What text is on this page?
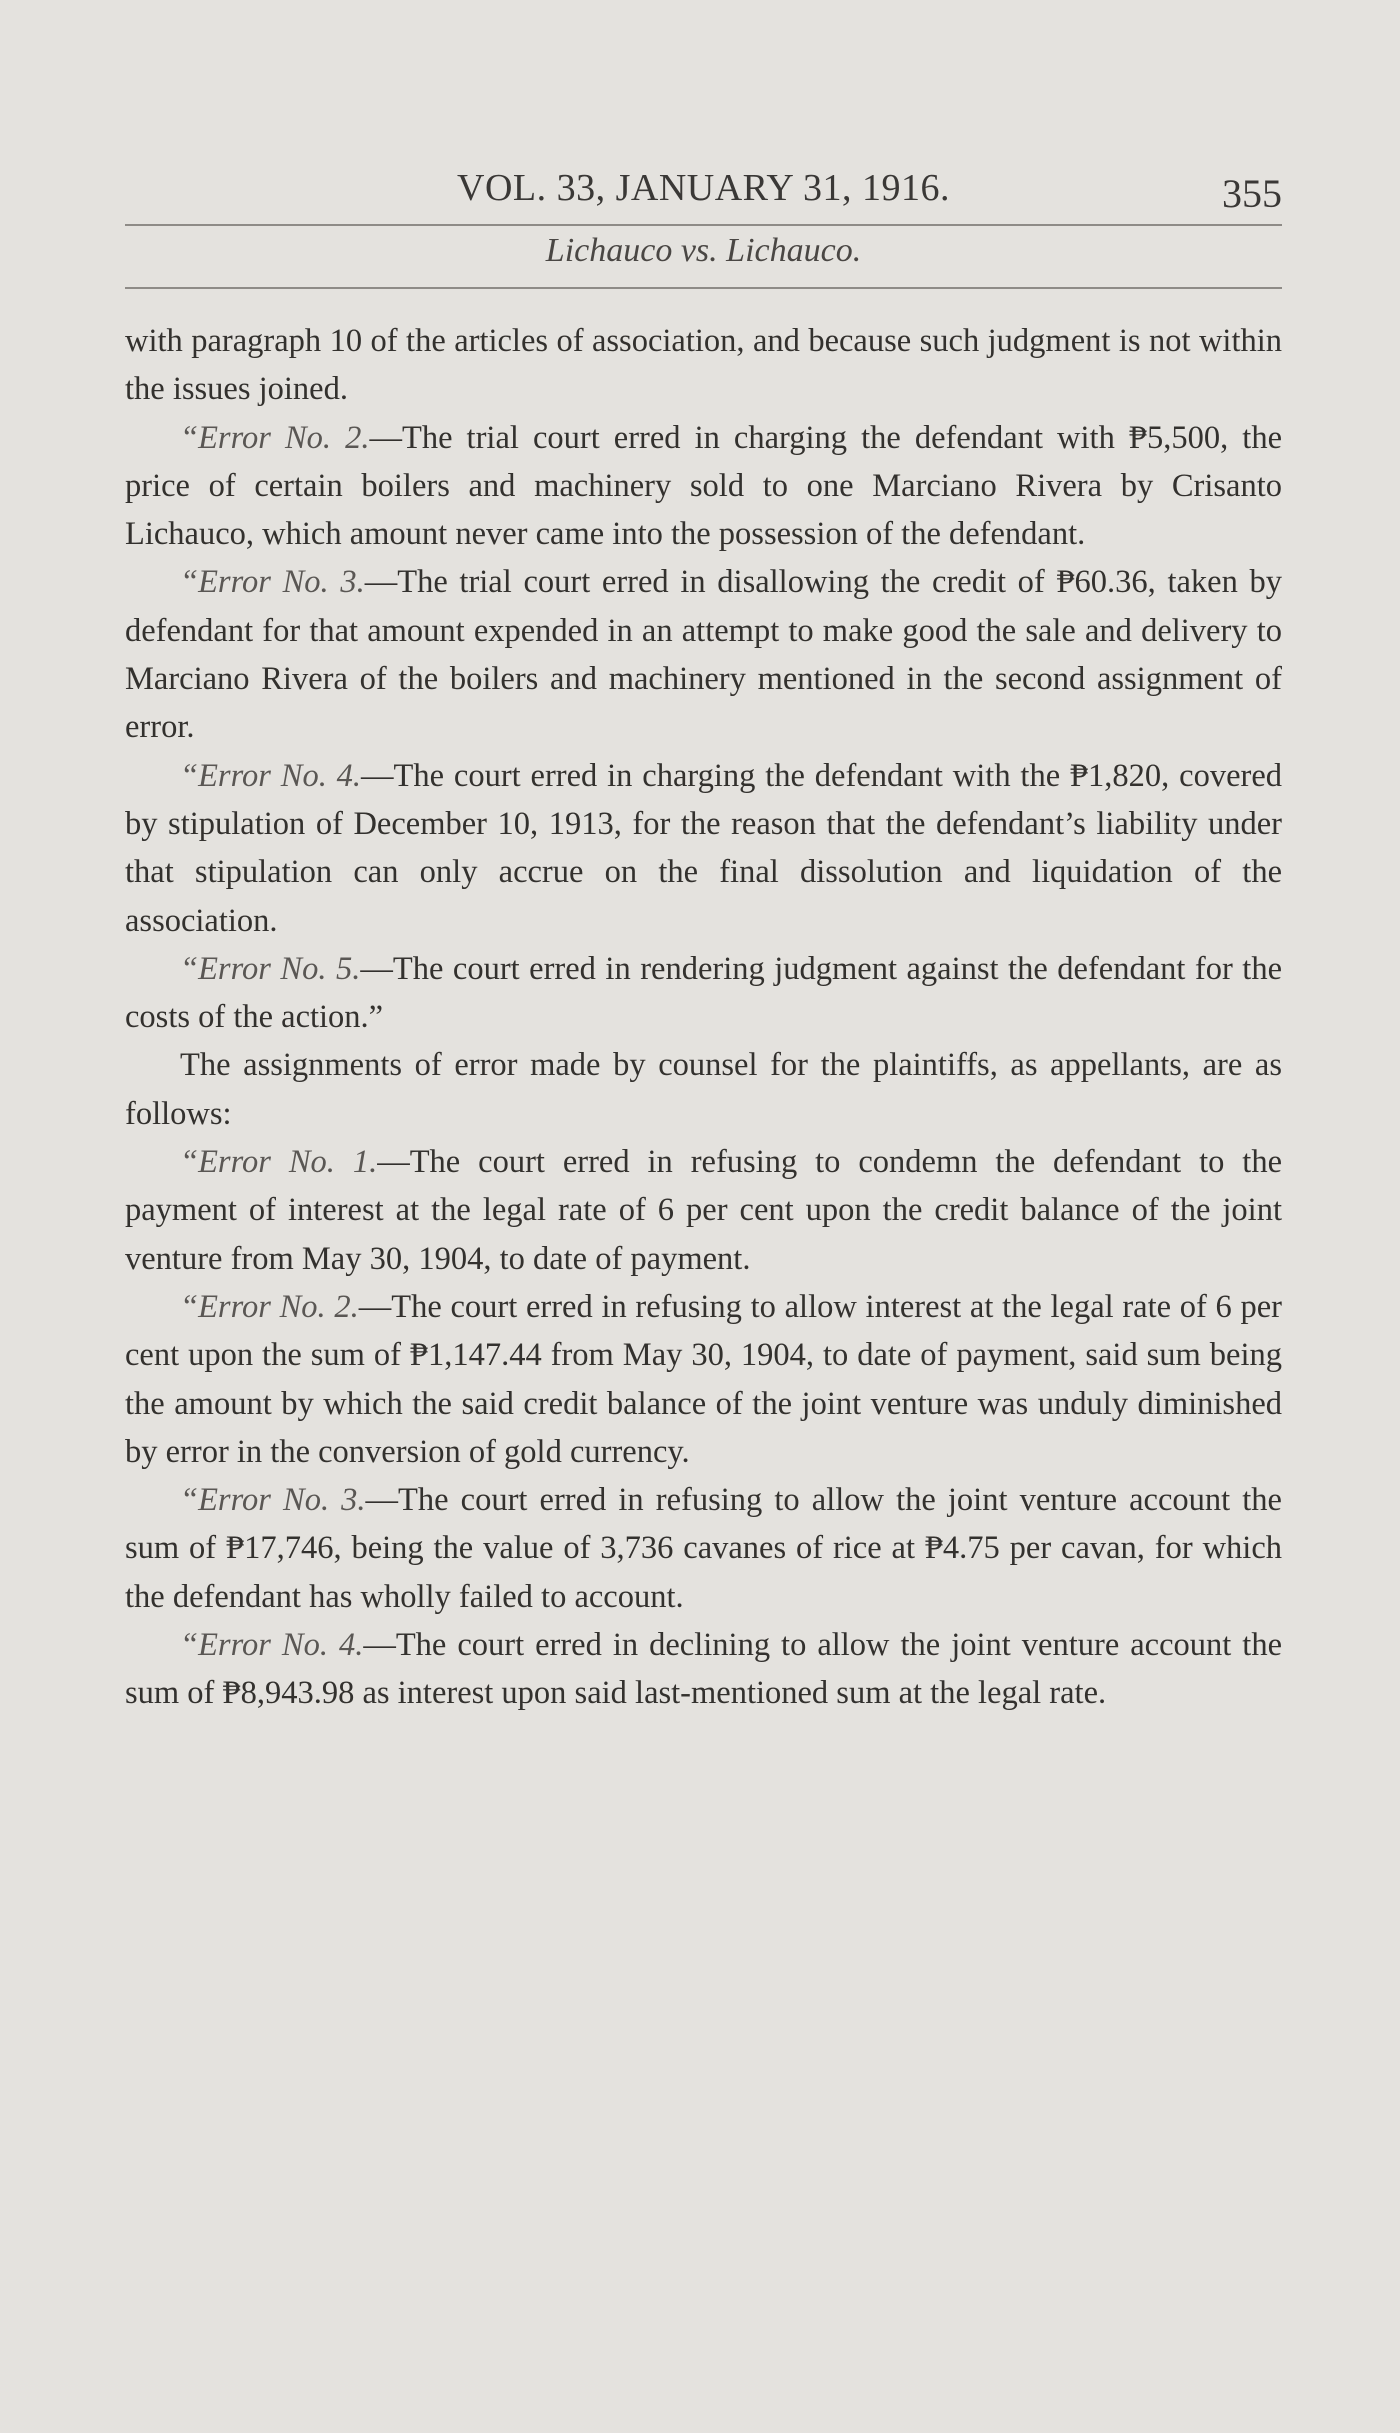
VOL. 33, JANUARY 31, 1916.	355
Lichauco vs. Lichauco.

with paragraph 10 of the articles of association, and because such judgment is not within the issues joined.

“Error No. 2.—The trial court erred in charging the defendant with ₱5,500, the price of certain boilers and machinery sold to one Marciano Rivera by Crisanto Lichauco, which amount never came into the possession of the defendant.

“Error No. 3.—The trial court erred in disallowing the credit of ₱60.36, taken by defendant for that amount expended in an attempt to make good the sale and delivery to Marciano Rivera of the boilers and machinery mentioned in the second assignment of error.

“Error No. 4.—The court erred in charging the defendant with the ₱1,820, covered by stipulation of December 10, 1913, for the reason that the defendant’s liability under that stipulation can only accrue on the final dissolution and liquidation of the association.

“Error No. 5.—The court erred in rendering judgment against the defendant for the costs of the action.”

The assignments of error made by counsel for the plaintiffs, as appellants, are as follows:

“Error No. 1.—The court erred in refusing to condemn the defendant to the payment of interest at the legal rate of 6 per cent upon the credit balance of the joint venture from May 30, 1904, to date of payment.

“Error No. 2.—The court erred in refusing to allow interest at the legal rate of 6 per cent upon the sum of ₱1,147.44 from May 30, 1904, to date of payment, said sum being the amount by which the said credit balance of the joint venture was unduly diminished by error in the conversion of gold currency.

“Error No. 3.—The court erred in refusing to allow the joint venture account the sum of ₱17,746, being the value of 3,736 cavanes of rice at ₱4.75 per cavan, for which the defendant has wholly failed to account.

“Error No. 4.—The court erred in declining to allow the joint venture account the sum of ₱8,943.98 as interest upon said last-mentioned sum at the legal rate.
